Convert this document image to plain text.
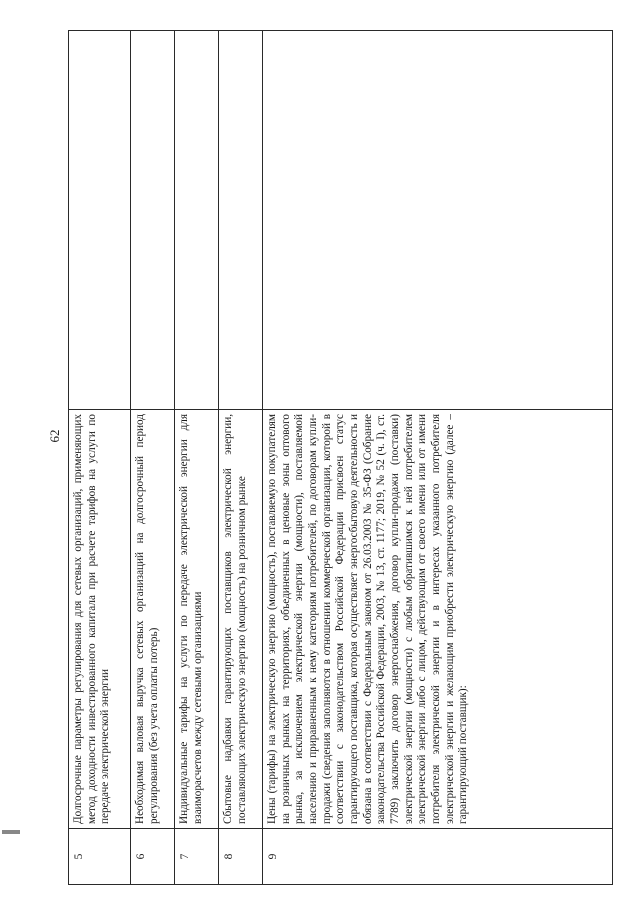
62
5	Долгосрочные параметры регулирования для сетевых организаций, применяющих метод доходности инвестированного капитала при расчете тарифов на услуги по передаче электрической энергии	
6	Необходимая валовая выручка сетевых организаций на долгосрочный период регулирования (без учета оплаты потерь)	
7	Индивидуальные тарифы на услуги по передаче электрической энергии для взаиморасчетов между сетевыми организациями	
8	Сбытовые надбавки гарантирующих поставщиков электрической энергии, поставляющих электрическую энергию (мощность) на розничном рынке	
9	Цены (тарифы) на электрическую энергию (мощность), поставляемую покупателям на розничных рынках на территориях, объединенных в ценовые зоны оптового рынка, за исключением электрической энергии (мощности), поставляемой населению и приравненным к нему категориям потребителей, по договорам купли-продажи (сведения заполняются в отношении коммерческой организации, которой в соответствии с законодательством Российской Федерации присвоен статус гарантирующего поставщика, которая осуществляет энергосбытовую деятельность и обязана в соответствии с Федеральным законом от 26.03.2003 № 35-ФЗ (Собрание законодательства Российской Федерации, 2003, № 13, ст. 1177; 2019, № 52 (ч. I), ст. 7789) заключить договор энергоснабжения, договор купли-продажи (поставки) электрической энергии (мощности) с любым обратившимся к ней потребителем электрической энергии либо с лицом, действующим от своего имени или от имени потребителя электрической энергии и в интересах указанного потребителя электрической энергии и желающим приобрести электрическую энергию (далее – гарантирующий поставщик):	
